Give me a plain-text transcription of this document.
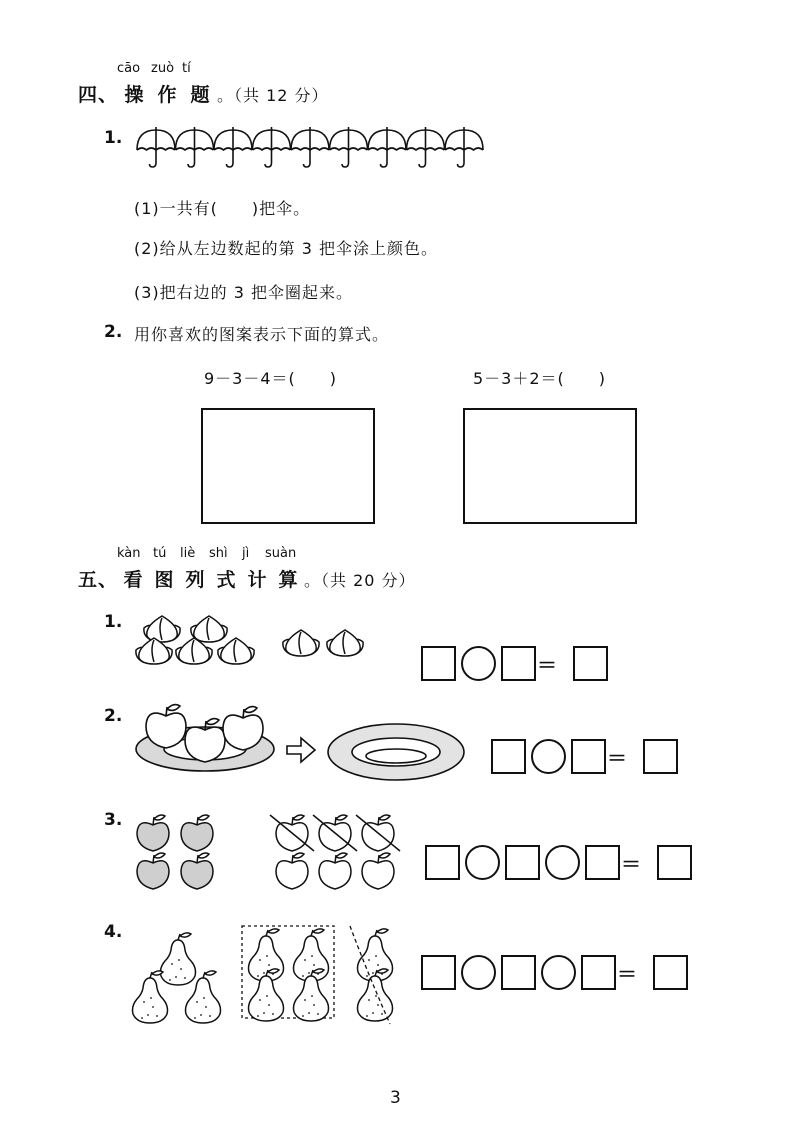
cāo zuò tí
四、 操 作 题 。（共 12 分）
1.
(1)一共有(　　)把伞。
(2)给从左边数起的第 3 把伞涂上颜色。
(3)把右边的 3 把伞圈起来。
2. 用你喜欢的图案表示下面的算式。
9－3－4＝(　　)	5－3＋2＝(　　)
kàn tú liè shì jì suàn
五、 看 图 列 式 计 算 。（共 20 分）
1.
2.
3.
4.
＝
＝
＝
＝
3
